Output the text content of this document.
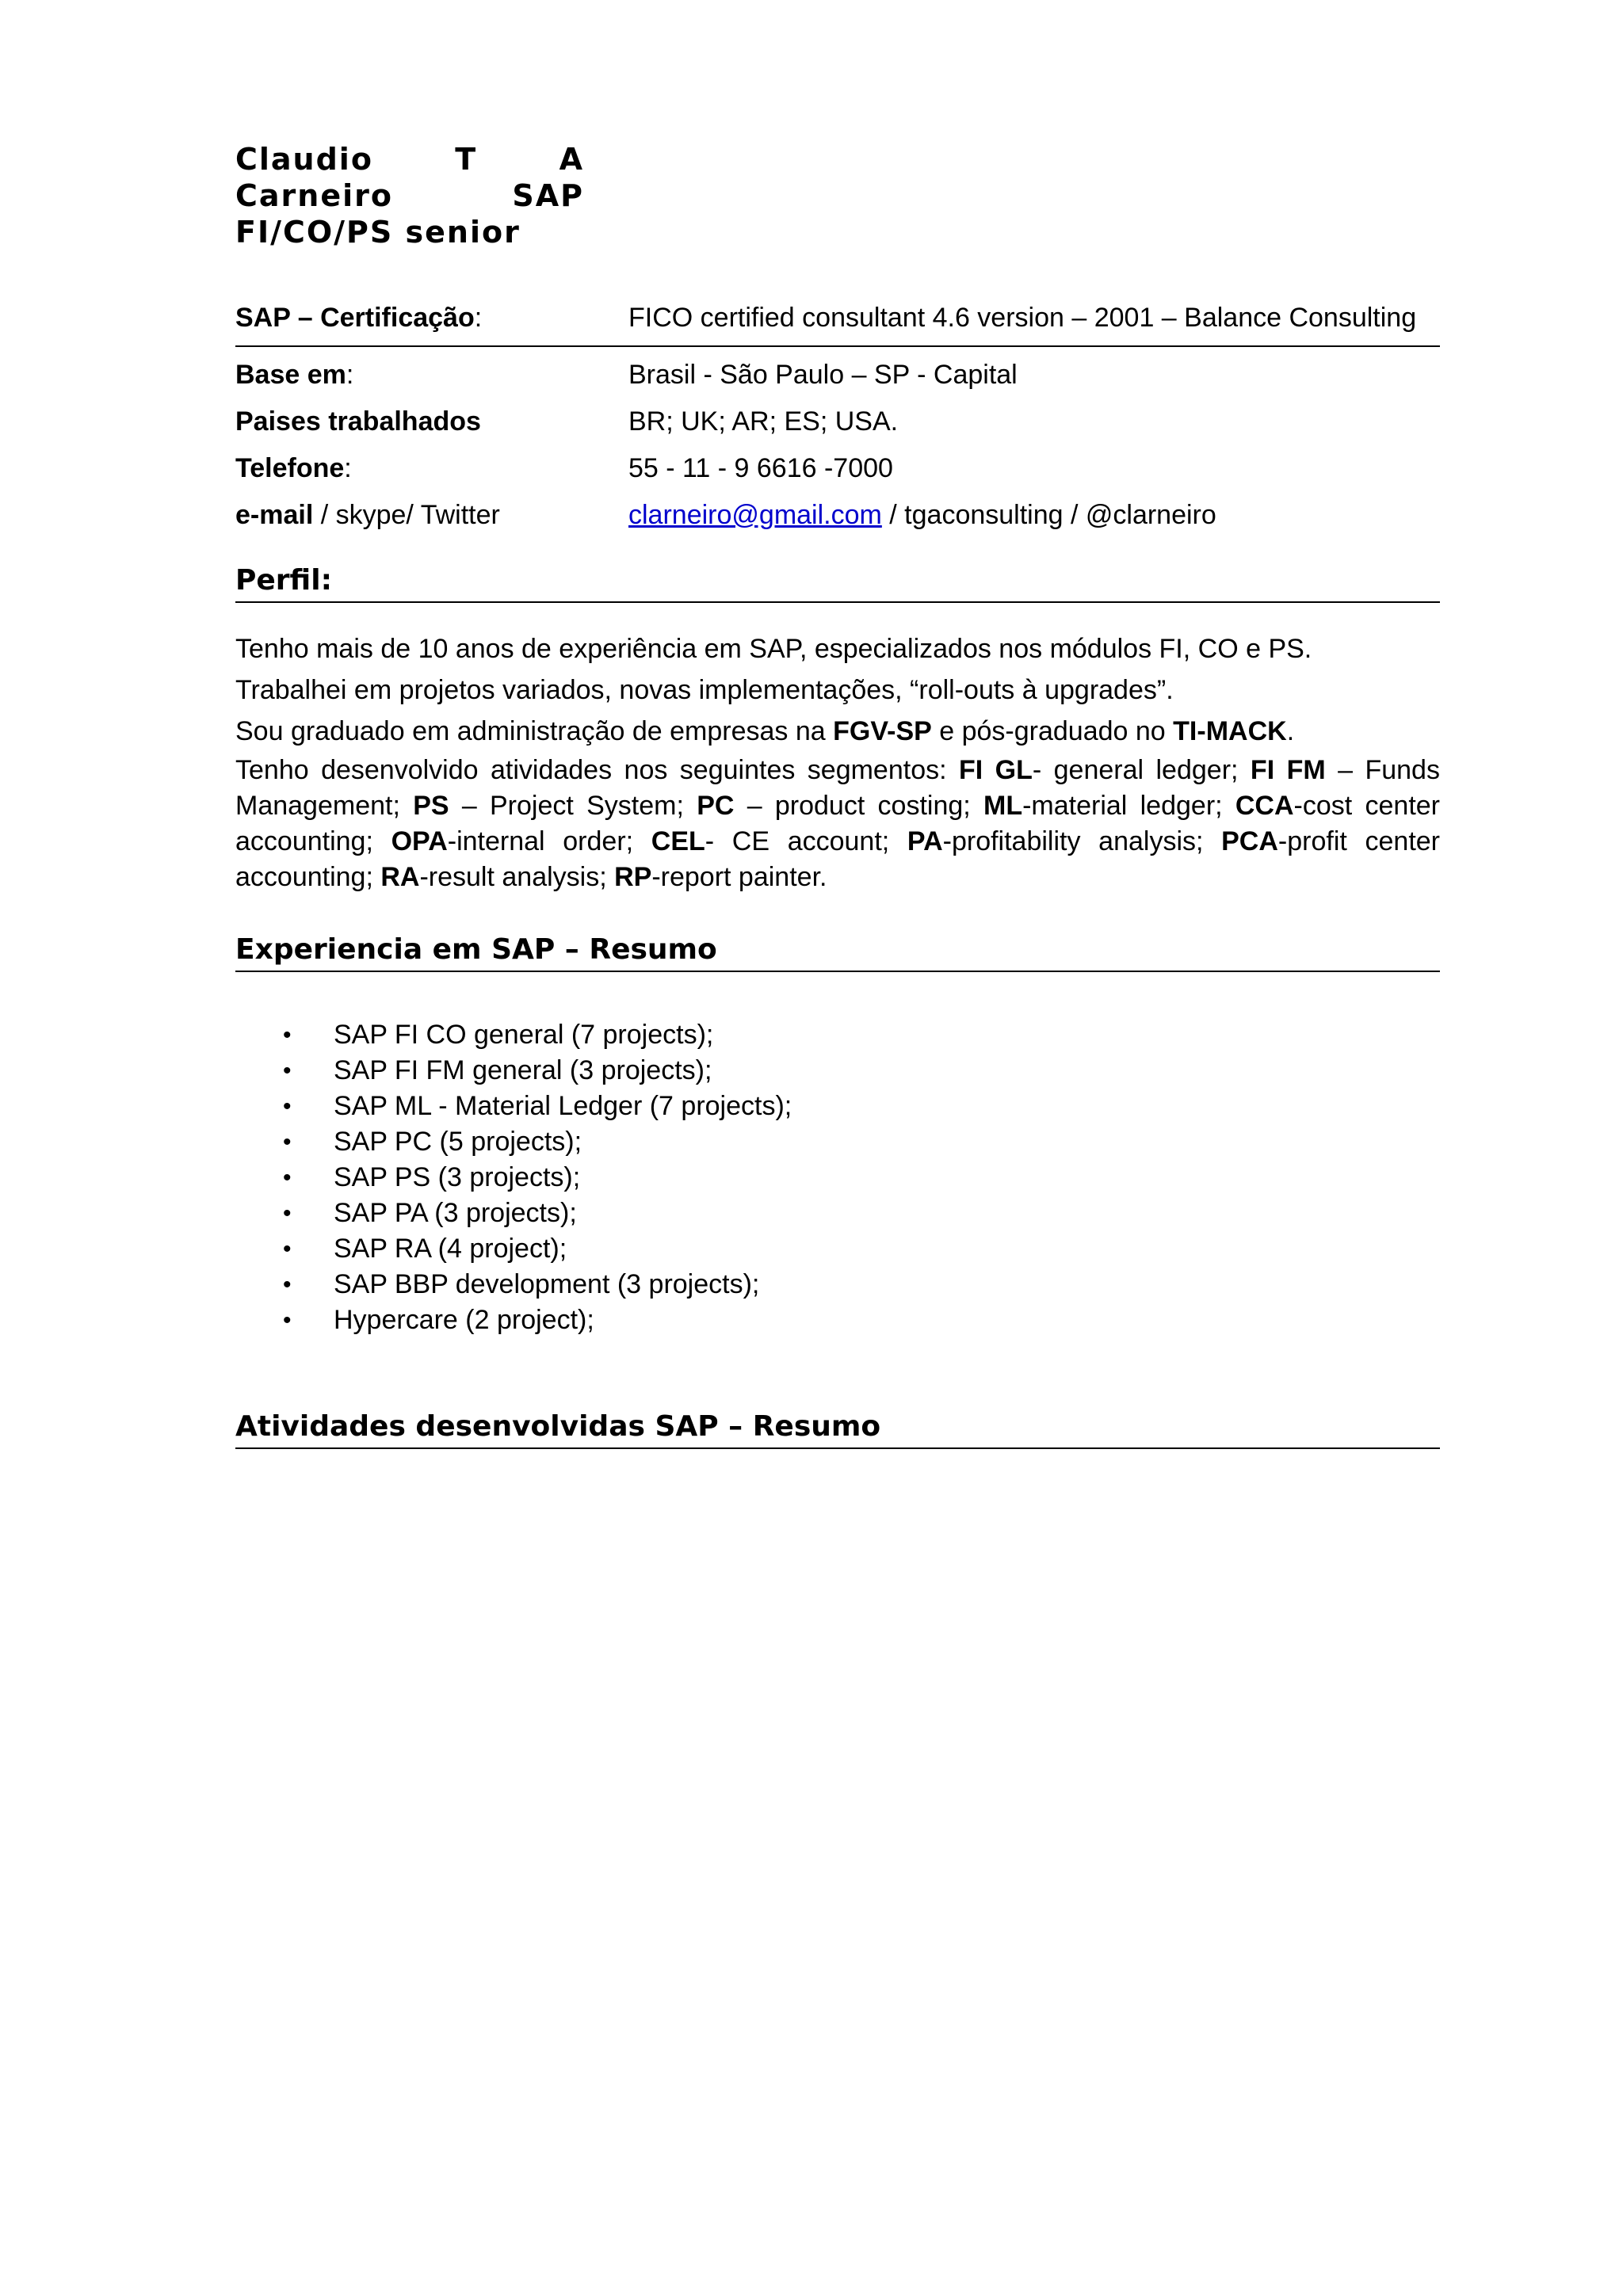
Claudio	T	A
Carneiro	SAP
FI/CO/PS senior
SAP – Certificação:	FICO certified consultant 4.6 version – 2001 – Balance Consulting
Base em:	Brasil - São Paulo – SP - Capital
Paises trabalhados	BR; UK; AR; ES; USA.
Telefone:	55 - 11 - 9 6616 -7000
e-mail / skype/ Twitter	clarneiro@gmail.com / tgaconsulting / @clarneiro
Perfil:

Tenho mais de 10 anos de experiência em SAP, especializados nos módulos FI, CO e PS.

Trabalhei em projetos variados, novas implementações, “roll-outs à upgrades”.

Sou graduado em administração de empresas na FGV-SP e pós-graduado no TI-MACK.

Tenho desenvolvido atividades nos seguintes segmentos: FI GL- general ledger; FI FM – Funds Management; PS – Project System; PC – product costing; ML-material ledger; CCA-cost center accounting; OPA-internal order; CEL- CE account; PA-profitability analysis; PCA-profit center accounting; RA-result analysis; RP-report painter.

Experiencia em SAP – Resumo
•	SAP FI CO general (7 projects);
•	SAP FI FM general (3 projects);
•	SAP ML - Material Ledger (7 projects);
•	SAP PC (5 projects);
•	SAP PS (3 projects);
•	SAP PA (3 projects);
•	SAP RA (4 project);
•	SAP BBP development (3 projects);
•	Hypercare (2 project);
Atividades desenvolvidas SAP – Resumo
